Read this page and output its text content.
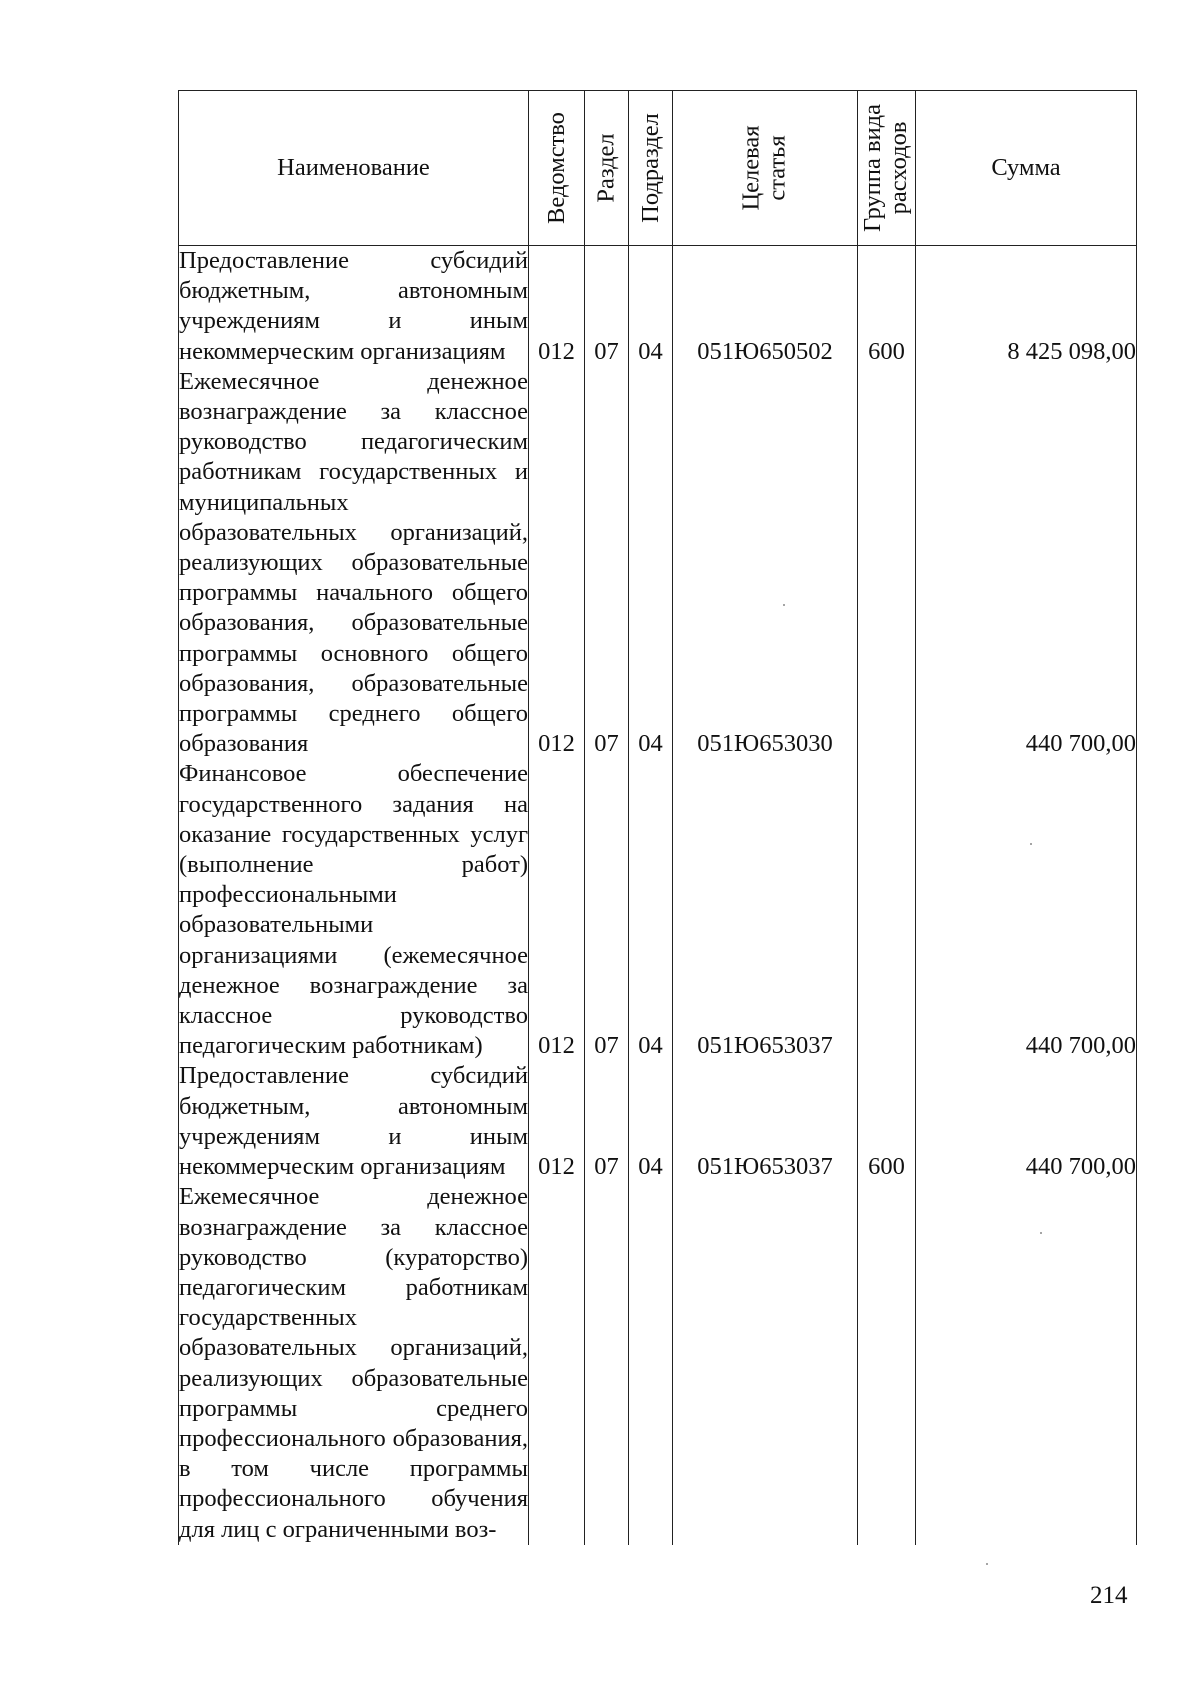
Наименование	Ведомство	Раздел	Подраздел	Целевая статья	Группа вида расходов	Сумма
Предоставление субсидий бюджетным, автономным учреждениям и иным некоммерческим организациям	012	07	04	051Ю650502	600	8 425 098,00
Ежемесячное денежное вознаграждение за классное руководство педагогическим работникам государственных и муниципальных образовательных организаций, реализующих образовательные программы начального общего образования, образовательные программы основного общего образования, образовательные программы среднего общего образования	012	07	04	051Ю653030		440 700,00
Финансовое обеспечение государственного задания на оказание государственных услуг (выполнение работ) профессиональными образовательными организациями (ежемесячное денежное вознаграждение за классное руководство педагогическим работникам)	012	07	04	051Ю653037		440 700,00
Предоставление субсидий бюджетным, автономным учреждениям и иным некоммерческим организациям	012	07	04	051Ю653037	600	440 700,00
Ежемесячное денежное вознаграждение за классное руководство (кураторство) педагогическим работникам государственных образовательных организаций, реализующих образовательные программы среднего профессионального образования, в том числе программы профессионального обучения для лиц с ограниченными воз-						
214
